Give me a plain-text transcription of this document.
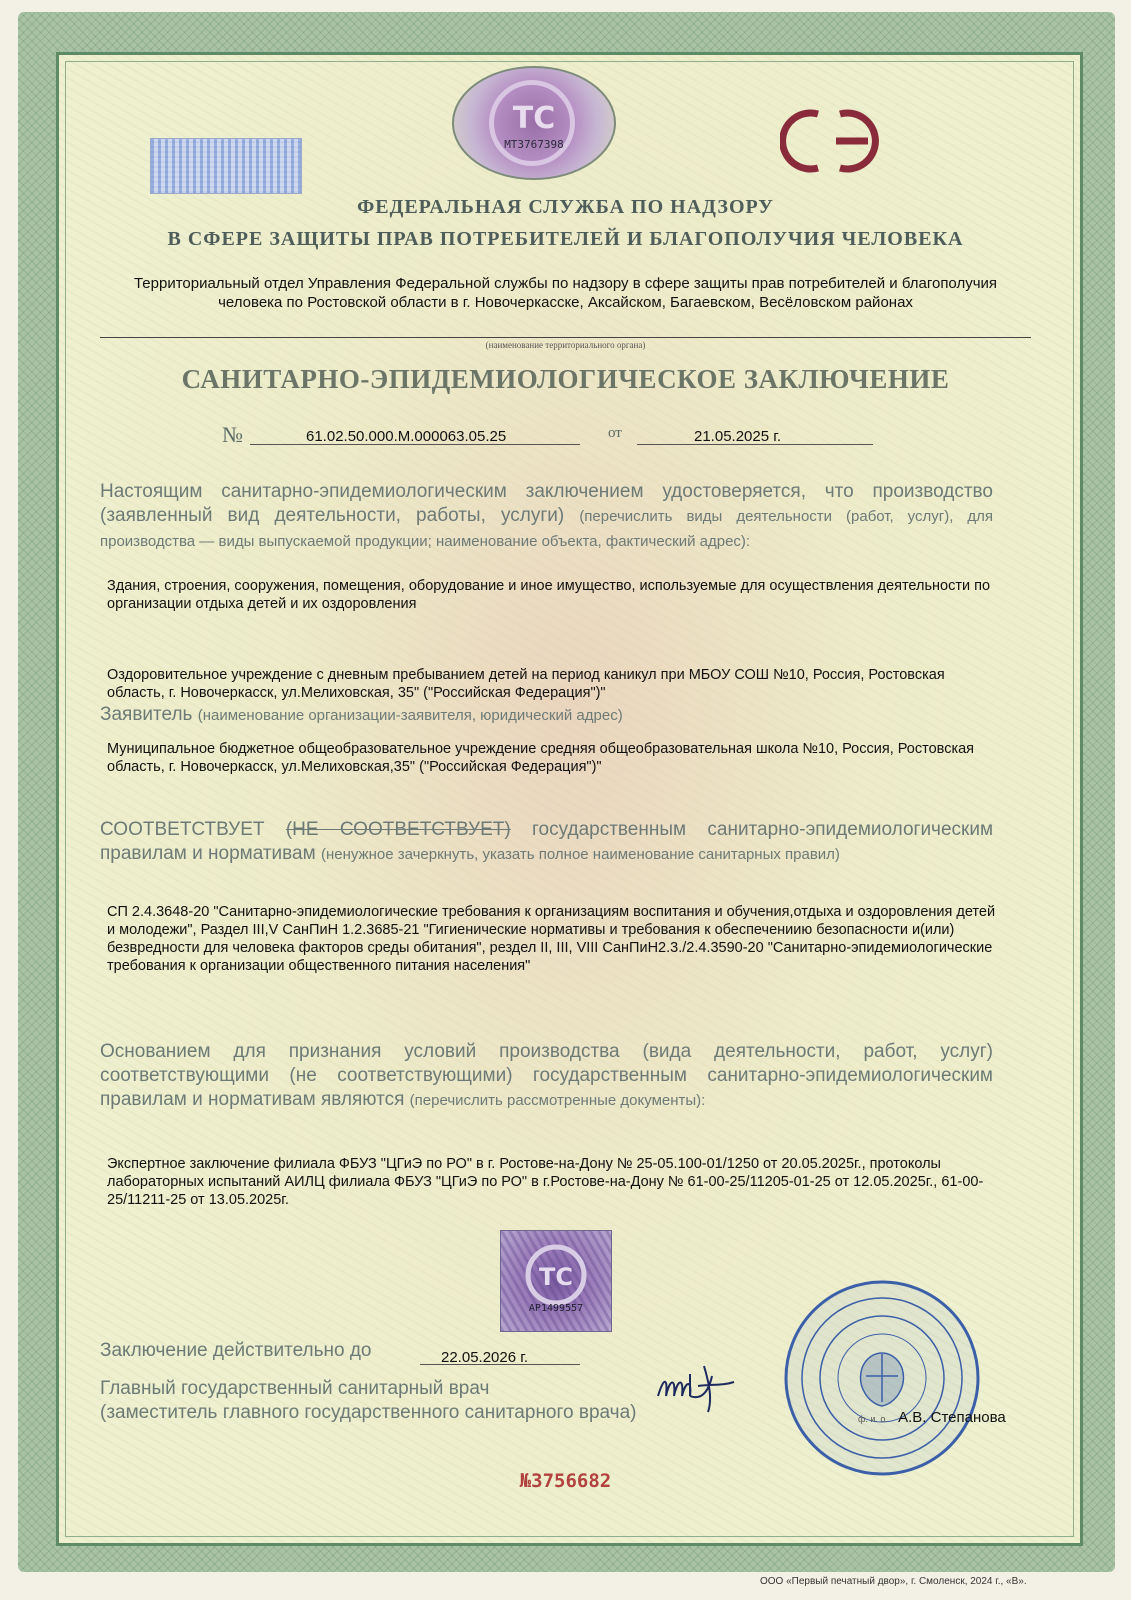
ТС
MT3767398
ФЕДЕРАЛЬНАЯ СЛУЖБА ПО НАДЗОРУ
В СФЕРЕ ЗАЩИТЫ ПРАВ ПОТРЕБИТЕЛЕЙ И БЛАГОПОЛУЧИЯ ЧЕЛОВЕКА
Территориальный отдел Управления Федеральной службы по надзору в сфере защиты прав потребителей и благополучия человека по Ростовской области в г. Новочеркасске, Аксайском, Багаевском, Весёловском районах
(наименование территориального органа)
САНИТАРНО-ЭПИДЕМИОЛОГИЧЕСКОЕ ЗАКЛЮЧЕНИЕ
№	61.02.50.000.М.000063.05.25	от	21.05.2025 г.
Настоящим санитарно-эпидемиологическим заключением удостоверяется, что производство (заявленный вид деятельности, работы, услуги) (перечислить виды деятельности (работ, услуг), для производства — виды выпускаемой продукции; наименование объекта, фактический адрес):
Здания, строения, сооружения, помещения, оборудование и иное имущество, используемые для осуществления деятельности по организации отдыха детей и их оздоровления
Оздоровительное учреждение с дневным пребыванием детей на период каникул при МБОУ СОШ №10, Россия, Ростовская область, г. Новочеркасск, ул.Мелиховская, 35" ("Российская Федерация")"
Заявитель (наименование организации-заявителя, юридический адрес)
Муниципальное бюджетное общеобразовательное учреждение средняя общеобразовательная школа №10, Россия, Ростовская область, г. Новочеркасск, ул.Мелиховская,35" ("Российская Федерация")"
СООТВЕТСТВУЕТ (НЕ СООТВЕТСТВУЕТ) государственным санитарно-эпидемиологическим правилам и нормативам (ненужное зачеркнуть, указать полное наименование санитарных правил)
СП 2.4.3648-20 "Санитарно-эпидемиологические требования к организациям воспитания и обучения,отдыха и оздоровления детей и молодежи", Раздел III,V СанПиН 1.2.3685-21 "Гигиенические нормативы и требования к обеспечениию безопасности и(или) безвредности для человека факторов среды обитания", рездел II, III, VIII СанПиН2.3./2.4.3590-20 "Санитарно-эпидемиологические требования к организации общественного питания населения"
Основанием для признания условий производства (вида деятельности, работ, услуг) соответствующими (не соответствующими) государственным санитарно-эпидемиологическим правилам и нормативам являются (перечислить рассмотренные документы):
Экспертное заключение филиала ФБУЗ "ЦГиЭ по РО" в г. Ростове-на-Дону № 25-05.100-01/1250 от 20.05.2025г., протоколы лабораторных испытаний АИЛЦ филиала ФБУЗ "ЦГиЭ по РО" в г.Ростове-на-Дону № 61-00-25/11205-01-25 от 12.05.2025г., 61-00-25/11211-25 от 13.05.2025г.
ТС
АР1499557
Заключение действительно до	22.05.2026 г.
Главный государственный санитарный врач
(заместитель главного государственного санитарного врача)	ф. и. о. А.В. Степанова
№3756682
ООО «Первый печатный двор», г. Смоленск, 2024 г., «В».
